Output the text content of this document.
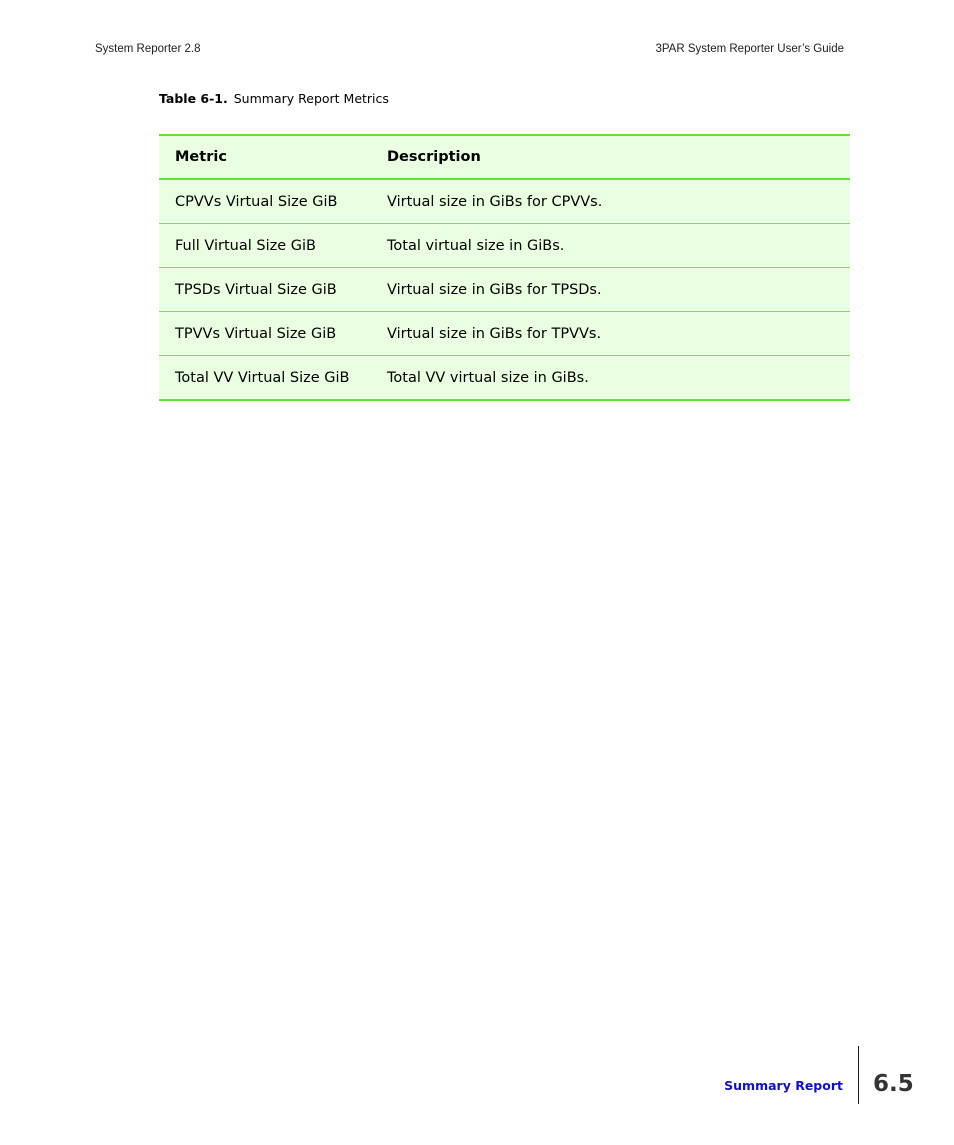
System Reporter 2.8	3PAR System Reporter User’s Guide
Table 6-1. Summary Report Metrics
Metric	Description
CPVVs Virtual Size GiB	Virtual size in GiBs for CPVVs.
Full Virtual Size GiB	Total virtual size in GiBs.
TPSDs Virtual Size GiB	Virtual size in GiBs for TPSDs.
TPVVs Virtual Size GiB	Virtual size in GiBs for TPVVs.
Total VV Virtual Size GiB	Total VV virtual size in GiBs.
Summary Report 6.5
